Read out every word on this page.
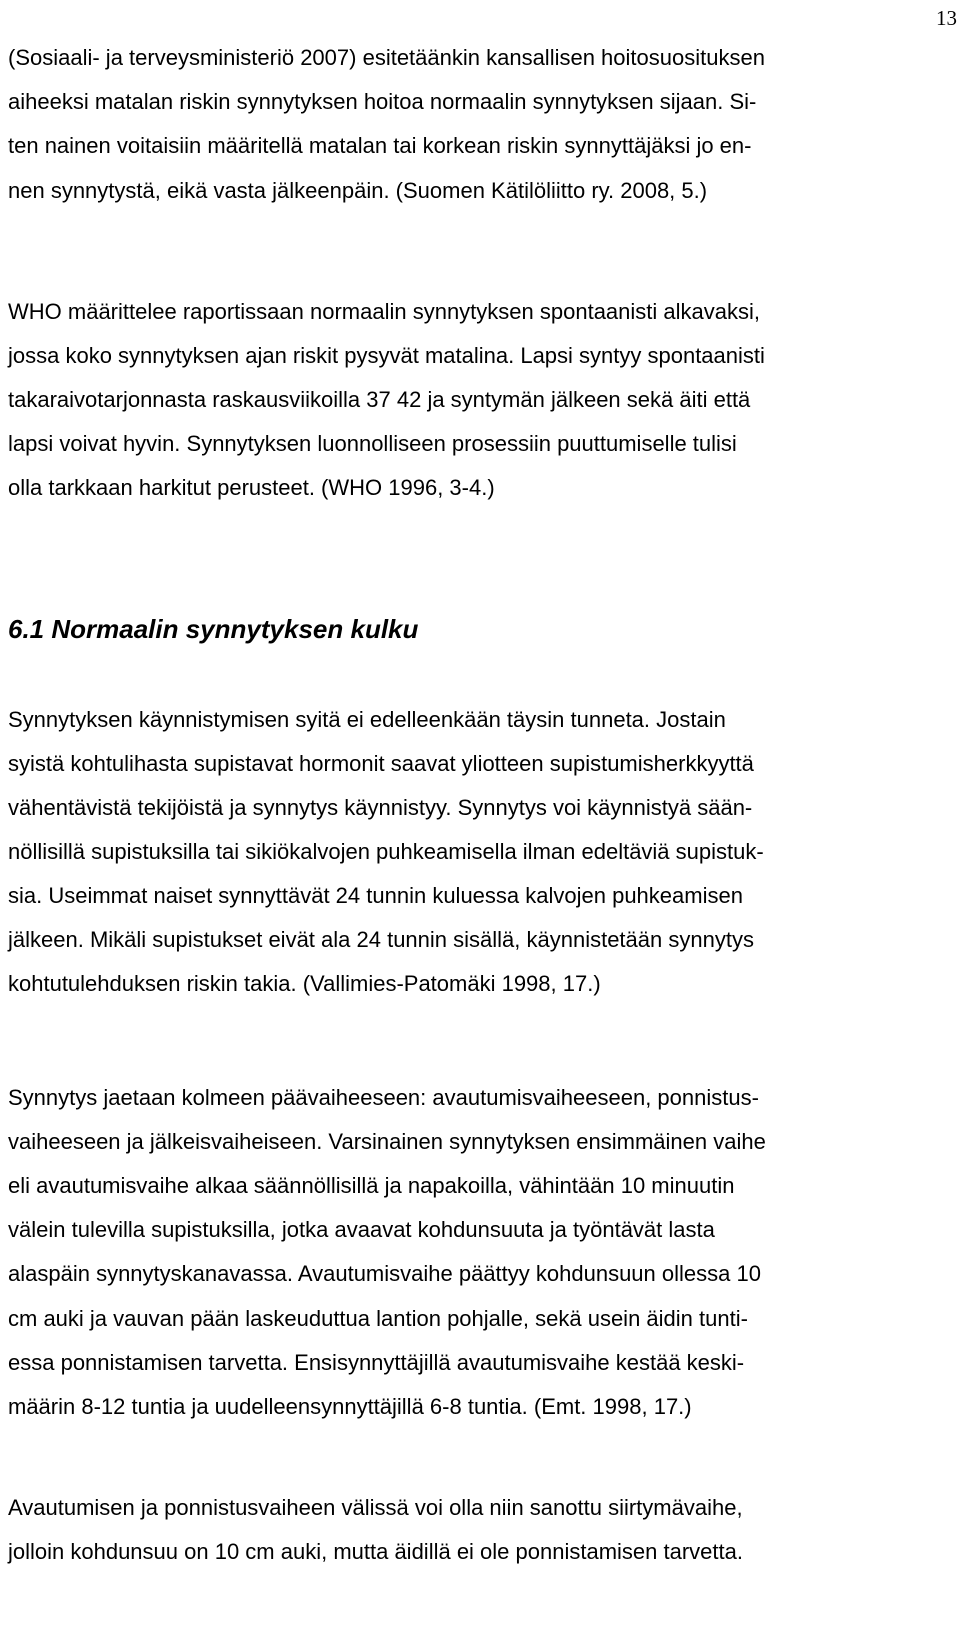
13
(Sosiaali- ja terveysministeriö 2007) esitetäänkin kansallisen hoitosuosituksen
aiheeksi matalan riskin synnytyksen hoitoa normaalin synnytyksen sijaan. Si-
ten nainen voitaisiin määritellä matalan tai korkean riskin synnyttäjäksi jo en-
nen synnytystä, eikä vasta jälkeenpäin. (Suomen Kätilöliitto ry. 2008, 5.)
WHO määrittelee raportissaan normaalin synnytyksen spontaanisti alkavaksi,
jossa koko synnytyksen ajan riskit pysyvät matalina. Lapsi syntyy spontaanisti
takaraivotarjonnasta raskausviikoilla 37 42 ja syntymän jälkeen sekä äiti että
lapsi voivat hyvin. Synnytyksen luonnolliseen prosessiin puuttumiselle tulisi
olla tarkkaan harkitut perusteet. (WHO 1996, 3-4.)
6.1 Normaalin synnytyksen kulku
Synnytyksen käynnistymisen syitä ei edelleenkään täysin tunneta. Jostain
syistä kohtulihasta supistavat hormonit saavat yliotteen supistumisherkkyyttä
vähentävistä tekijöistä ja synnytys käynnistyy. Synnytys voi käynnistyä sään-
nöllisillä supistuksilla tai sikiökalvojen puhkeamisella ilman edeltäviä supistuk-
sia. Useimmat naiset synnyttävät 24 tunnin kuluessa kalvojen puhkeamisen
jälkeen. Mikäli supistukset eivät ala 24 tunnin sisällä, käynnistetään synnytys
kohtutulehduksen riskin takia. (Vallimies-Patomäki 1998, 17.)
Synnytys jaetaan kolmeen päävaiheeseen: avautumisvaiheeseen, ponnistus-
vaiheeseen ja jälkeisvaiheiseen. Varsinainen synnytyksen ensimmäinen vaihe
eli avautumisvaihe alkaa säännöllisillä ja napakoilla, vähintään 10 minuutin
välein tulevilla supistuksilla, jotka avaavat kohdunsuuta ja työntävät lasta
alaspäin synnytyskanavassa. Avautumisvaihe päättyy kohdunsuun ollessa 10
cm auki ja vauvan pään laskeuduttua lantion pohjalle, sekä usein äidin tunti-
essa ponnistamisen tarvetta. Ensisynnyttäjillä avautumisvaihe kestää keski-
määrin 8-12 tuntia ja uudelleensynnyttäjillä 6-8 tuntia. (Emt. 1998, 17.)
Avautumisen ja ponnistusvaiheen välissä voi olla niin sanottu siirtymävaihe,
jolloin kohdunsuu on 10 cm auki, mutta äidillä ei ole ponnistamisen tarvetta.
